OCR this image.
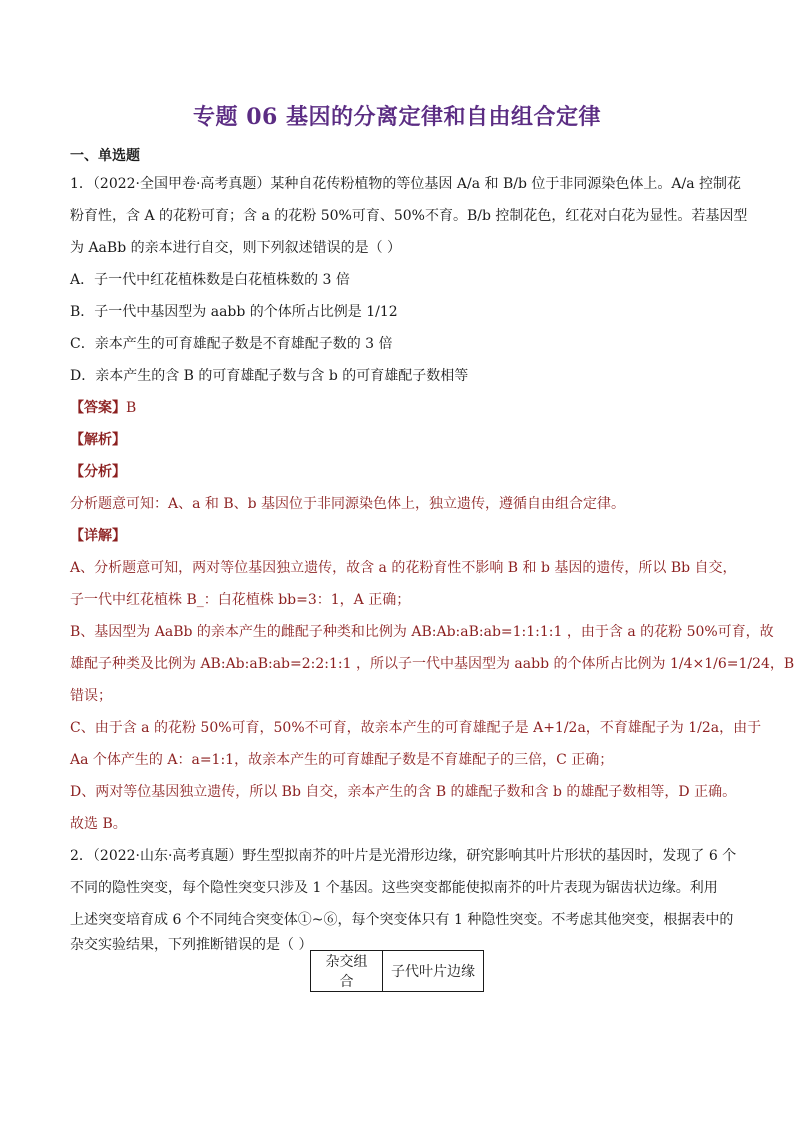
专题 06 基因的分离定律和自由组合定律
一、单选题
1．（2022·全国甲卷·高考真题）某种自花传粉植物的等位基因 A/a 和 B/b 位于非同源染色体上。A/a 控制花
粉育性，含 A 的花粉可育；含 a 的花粉 50%可育、50%不育。B/b 控制花色，红花对白花为显性。若基因型
为 AaBb 的亲本进行自交，则下列叙述错误的是（ ）
A．子一代中红花植株数是白花植株数的 3 倍
B．子一代中基因型为 aabb 的个体所占比例是 1/12
C．亲本产生的可育雄配子数是不育雄配子数的 3 倍
D．亲本产生的含 B 的可育雄配子数与含 b 的可育雄配子数相等
【答案】B
【解析】
【分析】
分析题意可知：A、a 和 B、b 基因位于非同源染色体上，独立遗传，遵循自由组合定律。
【详解】
A、分析题意可知，两对等位基因独立遗传，故含 a 的花粉育性不影响 B 和 b 基因的遗传，所以 Bb 自交，
子一代中红花植株 B_：白花植株 bb=3：1，A 正确；
B、基因型为 AaBb 的亲本产生的雌配子种类和比例为 AB:Ab:aB:ab=1:1:1:1 ，由于含 a 的花粉 50%可育，故
雄配子种类及比例为 AB:Ab:aB:ab=2:2:1:1 ，所以子一代中基因型为 aabb 的个体所占比例为 1/4×1/6=1/24，B
错误；
C、由于含 a 的花粉 50%可育，50%不可育，故亲本产生的可育雄配子是 A+1/2a，不育雄配子为 1/2a，由于
Aa 个体产生的 A：a=1:1，故亲本产生的可育雄配子数是不育雄配子的三倍，C 正确；
D、两对等位基因独立遗传，所以 Bb 自交，亲本产生的含 B 的雄配子数和含 b 的雄配子数相等，D 正确。
故选 B。
2．（2022·山东·高考真题）野生型拟南芥的叶片是光滑形边缘，研究影响其叶片形状的基因时，发现了 6 个
不同的隐性突变，每个隐性突变只涉及 1 个基因。这些突变都能使拟南芥的叶片表现为锯齿状边缘。利用
上述突变培育成 6 个不同纯合突变体①~⑥，每个突变体只有 1 种隐性突变。不考虑其他突变，根据表中的
杂交实验结果，下列推断错误的是（ ）
杂交组合	子代叶片边缘
